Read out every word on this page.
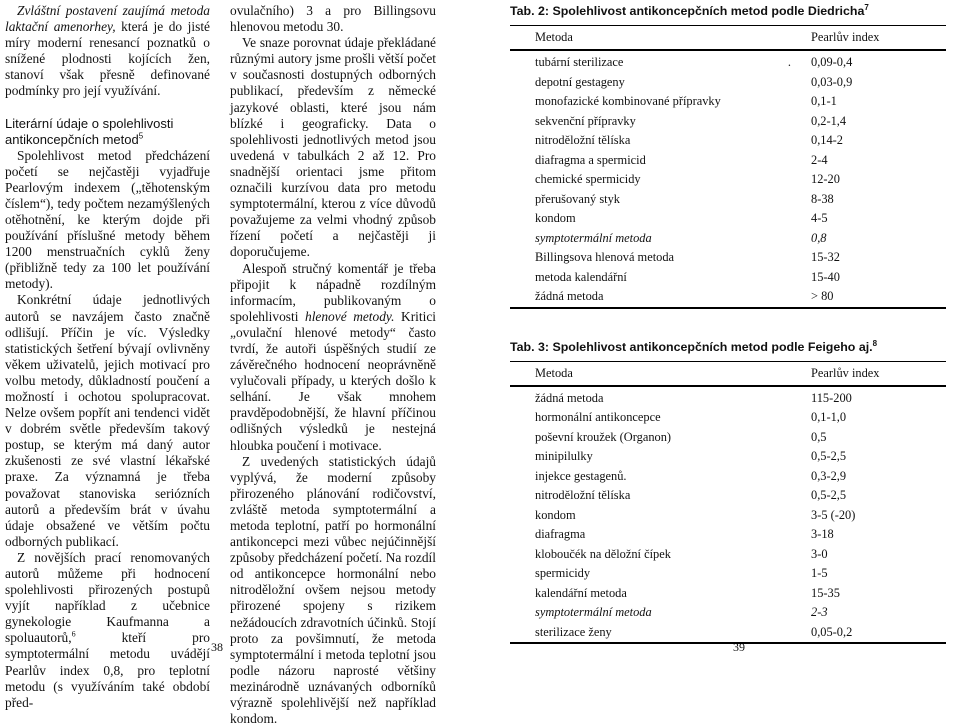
Zvláštní postavení zaujímá metoda laktační amenorhey, která je do jisté míry moderní renesancí poznatků o snížené plodnosti kojících žen, stanoví však přesně definované podmínky pro její využívání.

Literární údaje o spolehlivosti
antikoncepčních metod$^5$

Spolehlivost metod předcházení početí se nejčastěji vyjadřuje Pearlovým indexem („těhotenským číslem“), tedy počtem nezamýšlených otěhotnění, ke kterým dojde při používání příslušné metody během 1200 menstruačních cyklů ženy (přibližně tedy za 100 let používání metody).

Konkrétní údaje jednotlivých autorů se navzájem často značně odlišují. Příčin je víc. Výsledky statistických šetření bývají ovlivněny věkem uživatelů, jejich motivací pro volbu metody, důkladností poučení a možností i ochotou spolupracovat. Nelze ovšem popřít ani tendenci vidět v dobrém světle především takový postup, se kterým má daný autor zkušenosti ze své vlastní lékařské praxe. Za významná je třeba považovat stanoviska seriózních autorů a především brát v úvahu údaje obsažené ve větším počtu odborných publikací.

Z novějších prací renomovaných autorů můžeme při hodnocení spolehlivosti přirozených postupů vyjít například z učebnice gynekologie Kaufmanna a spoluautorů,$^6$ kteří pro symptotermální metodu uvádějí Pearlův index 0,8, pro teplotní metodu (s využíváním také období před-

38

ovulačního) 3 a pro Billingsovu hlenovou metodu 30.

Ve snaze porovnat údaje překládané různými autory jsme prošli větší počet v současnosti dostupných odborných publikací, především z německé jazykové oblasti, které jsou nám blízké i geograficky. Data o spolehlivosti jednotlivých metod jsou uvedená v tabulkách 2 až 12. Pro snadnější orientaci jsme přitom označili kurzívou data pro metodu symptotermální, kterou z více důvodů považujeme za velmi vhodný způsob řízení početí a nejčastěji ji doporučujeme.

Alespoň stručný komentář je třeba připojit k nápadně rozdílným informacím, publikovaným o spolehlivosti hlenové metody. Kritici „ovulační hlenové metody“ často tvrdí, že autoři úspěšných studií ze závěrečného hodnocení neoprávněně vylučovali případy, u kterých došlo k selhání. Je však mnohem pravděpodobnější, že hlavní příčinou odlišných výsledků je nestejná hloubka poučení i motivace.

Z uvedených statistických údajů vyplývá, že moderní způsoby přirozeného plánování rodičovství, zvláště metoda symptotermální a metoda teplotní, patří po hormonální antikoncepci mezi vůbec nejúčinnější způsoby předcházení početí. Na rozdíl od antikoncepce hormonální nebo nitroděložní ovšem nejsou metody přirozené spojeny s rizikem nežádoucích zdravotních účinků. Stojí proto za povšimnutí, že metoda symptotermální i metoda teplotní jsou podle názoru naprosté většiny mezinárodně uznávaných odborníků výrazně spolehlivější než například kondom.

39
Tab. 2: Spolehlivost antikoncepčních metod podle Diedricha$^7$
Metoda	Pearlův index
tubární sterilizace .	0,09-0,4
depotní gestageny	0,03-0,9
monofazické kombinované přípravky	0,1-1
sekvenční přípravky	0,2-1,4
nitroděložní tělíska	0,14-2
diafragma a spermicid	2-4
chemické spermicidy	12-20
přerušovaný styk	8-38
kondom	4-5
symptotermální metoda	0,8
Billingsova hlenová metoda	15-32
metoda kalendářní	15-40
žádná metoda	> 80
Tab. 3: Spolehlivost antikoncepčních metod podle Feigeho aj.$^8$
Metoda	Pearlův index
žádná metoda	115-200
hormonální antikoncepce	0,1-1,0
poševní kroužek (Organon)	0,5
minipilulky	0,5-2,5
injekce gestagenů.	0,3-2,9
nitroděložní tělíska	0,5-2,5
kondom	3-5 (-20)
diafragma	3-18
kloboučék na děložní čípek	3-0
spermicidy	1-5
kalendářní metoda	15-35
symptotermální metoda	2-3
sterilizace ženy	0,05-0,2
